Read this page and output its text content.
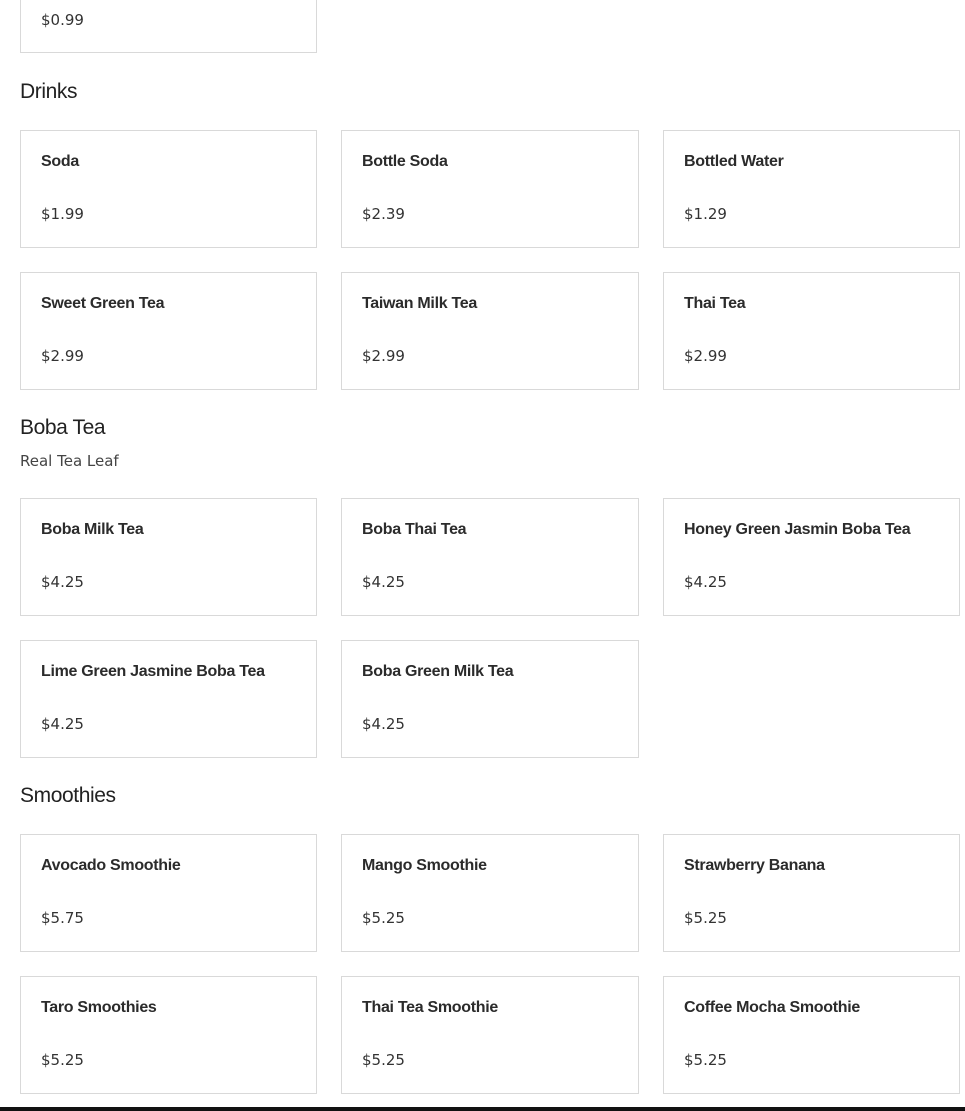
$0.99
Drinks
Soda
$1.99
Bottle Soda
$2.39
Bottled Water
$1.29
Sweet Green Tea
$2.99
Taiwan Milk Tea
$2.99
Thai Tea
$2.99
Boba Tea
Real Tea Leaf
Boba Milk Tea
$4.25
Boba Thai Tea
$4.25
Honey Green Jasmin Boba Tea
$4.25
Lime Green Jasmine Boba Tea
$4.25
Boba Green Milk Tea
$4.25
Smoothies
Avocado Smoothie
$5.75
Mango Smoothie
$5.25
Strawberry Banana
$5.25
Taro Smoothies
$5.25
Thai Tea Smoothie
$5.25
Coffee Mocha Smoothie
$5.25
